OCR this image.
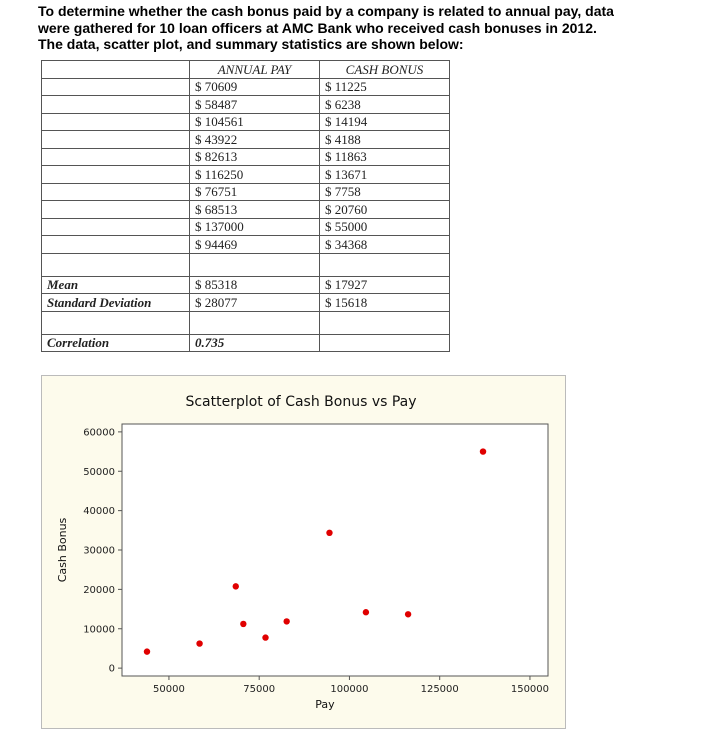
To determine whether the cash bonus paid by a company is related to annual pay, data
were gathered for 10 loan officers at AMC Bank who received cash bonuses in 2012.
The data, scatter plot, and summary statistics are shown below:
	ANNUAL PAY	CASH BONUS
	$ 70609	$ 11225
	$ 58487	$ 6238
	$ 104561	$ 14194
	$ 43922	$ 4188
	$ 82613	$ 11863
	$ 116250	$ 13671
	$ 76751	$ 7758
	$ 68513	$ 20760
	$ 137000	$ 55000
	$ 94469	$ 34368

Mean	$ 85318	$ 17927
Standard Deviation	$ 28077	$ 15618

Correlation	0.735	
Scatterplot of Cash Bonus vs Pay
Pay
Cash Bonus
50000	75000	100000	125000	150000
0
10000
20000
30000
40000
50000
60000
